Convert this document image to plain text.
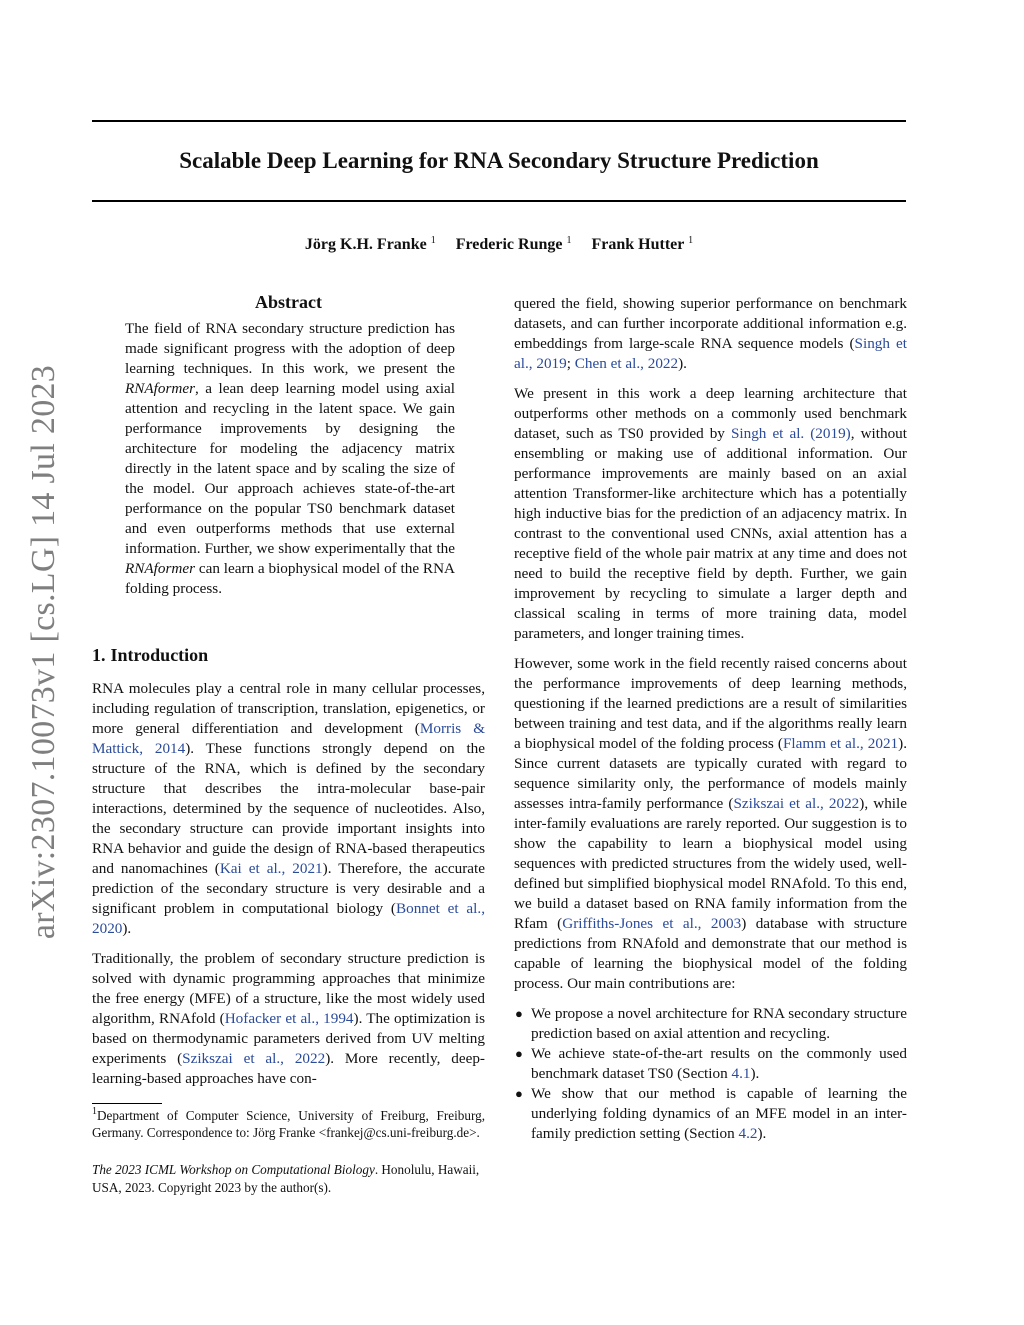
Scalable Deep Learning for RNA Secondary Structure Prediction
Jörg K.H. Franke $^1$ Frederic Runge $^1$ Frank Hutter $^1$
arXiv:2307.10073v1 [cs.LG] 14 Jul 2023
Abstract
The field of RNA secondary structure prediction has made significant progress with the adoption of deep learning techniques. In this work, we present the RNAformer, a lean deep learning model using axial attention and recycling in the latent space. We gain performance improvements by designing the architecture for modeling the adjacency matrix directly in the latent space and by scaling the size of the model. Our approach achieves state-of-the-art performance on the popular TS0 benchmark dataset and even outperforms methods that use external information. Further, we show experimentally that the RNAformer can learn a biophysical model of the RNA folding process.
1. Introduction

RNA molecules play a central role in many cellular processes, including regulation of transcription, translation, epigenetics, or more general differentiation and development (Morris & Mattick, 2014). These functions strongly depend on the structure of the RNA, which is defined by the secondary structure that describes the intra-molecular base-pair interactions, determined by the sequence of nucleotides. Also, the secondary structure can provide important insights into RNA behavior and guide the design of RNA-based therapeutics and nanomachines (Kai et al., 2021). Therefore, the accurate prediction of the secondary structure is very desirable and a significant problem in computational biology (Bonnet et al., 2020).

Traditionally, the problem of secondary structure prediction is solved with dynamic programming approaches that minimize the free energy (MFE) of a structure, like the most widely used algorithm, RNAfold (Hofacker et al., 1994). The optimization is based on thermodynamic parameters derived from UV melting experiments (Szikszai et al., 2022). More recently, deep-learning-based approaches have con-

$^1$Department of Computer Science, University of Freiburg, Freiburg, Germany. Correspondence to: Jörg Franke <frankej@cs.uni-freiburg.de>.
The 2023 ICML Workshop on Computational Biology. Honolulu, Hawaii, USA, 2023. Copyright 2023 by the author(s).

quered the field, showing superior performance on benchmark datasets, and can further incorporate additional information e.g. embeddings from large-scale RNA sequence models (Singh et al., 2019; Chen et al., 2022).

We present in this work a deep learning architecture that outperforms other methods on a commonly used benchmark dataset, such as TS0 provided by Singh et al. (2019), without ensembling or making use of additional information. Our performance improvements are mainly based on an axial attention Transformer-like architecture which has a potentially high inductive bias for the prediction of an adjacency matrix. In contrast to the conventional used CNNs, axial attention has a receptive field of the whole pair matrix at any time and does not need to build the receptive field by depth. Further, we gain improvement by recycling to simulate a larger depth and classical scaling in terms of more training data, model parameters, and longer training times.

However, some work in the field recently raised concerns about the performance improvements of deep learning methods, questioning if the learned predictions are a result of similarities between training and test data, and if the algorithms really learn a biophysical model of the folding process (Flamm et al., 2021). Since current datasets are typically curated with regard to sequence similarity only, the performance of models mainly assesses intra-family performance (Szikszai et al., 2022), while inter-family evaluations are rarely reported. Our suggestion is to show the capability to learn a biophysical model using sequences with predicted structures from the widely used, well-defined but simplified biophysical model RNAfold. To this end, we build a dataset based on RNA family information from the Rfam (Griffiths-Jones et al., 2003) database with structure predictions from RNAfold and demonstrate that our method is capable of learning the biophysical model of the folding process. Our main contributions are:

● We propose a novel architecture for RNA secondary structure prediction based on axial attention and recycling.
● We achieve state-of-the-art results on the commonly used benchmark dataset TS0 (Section 4.1).
● We show that our method is capable of learning the underlying folding dynamics of an MFE model in an inter-family prediction setting (Section 4.2).
